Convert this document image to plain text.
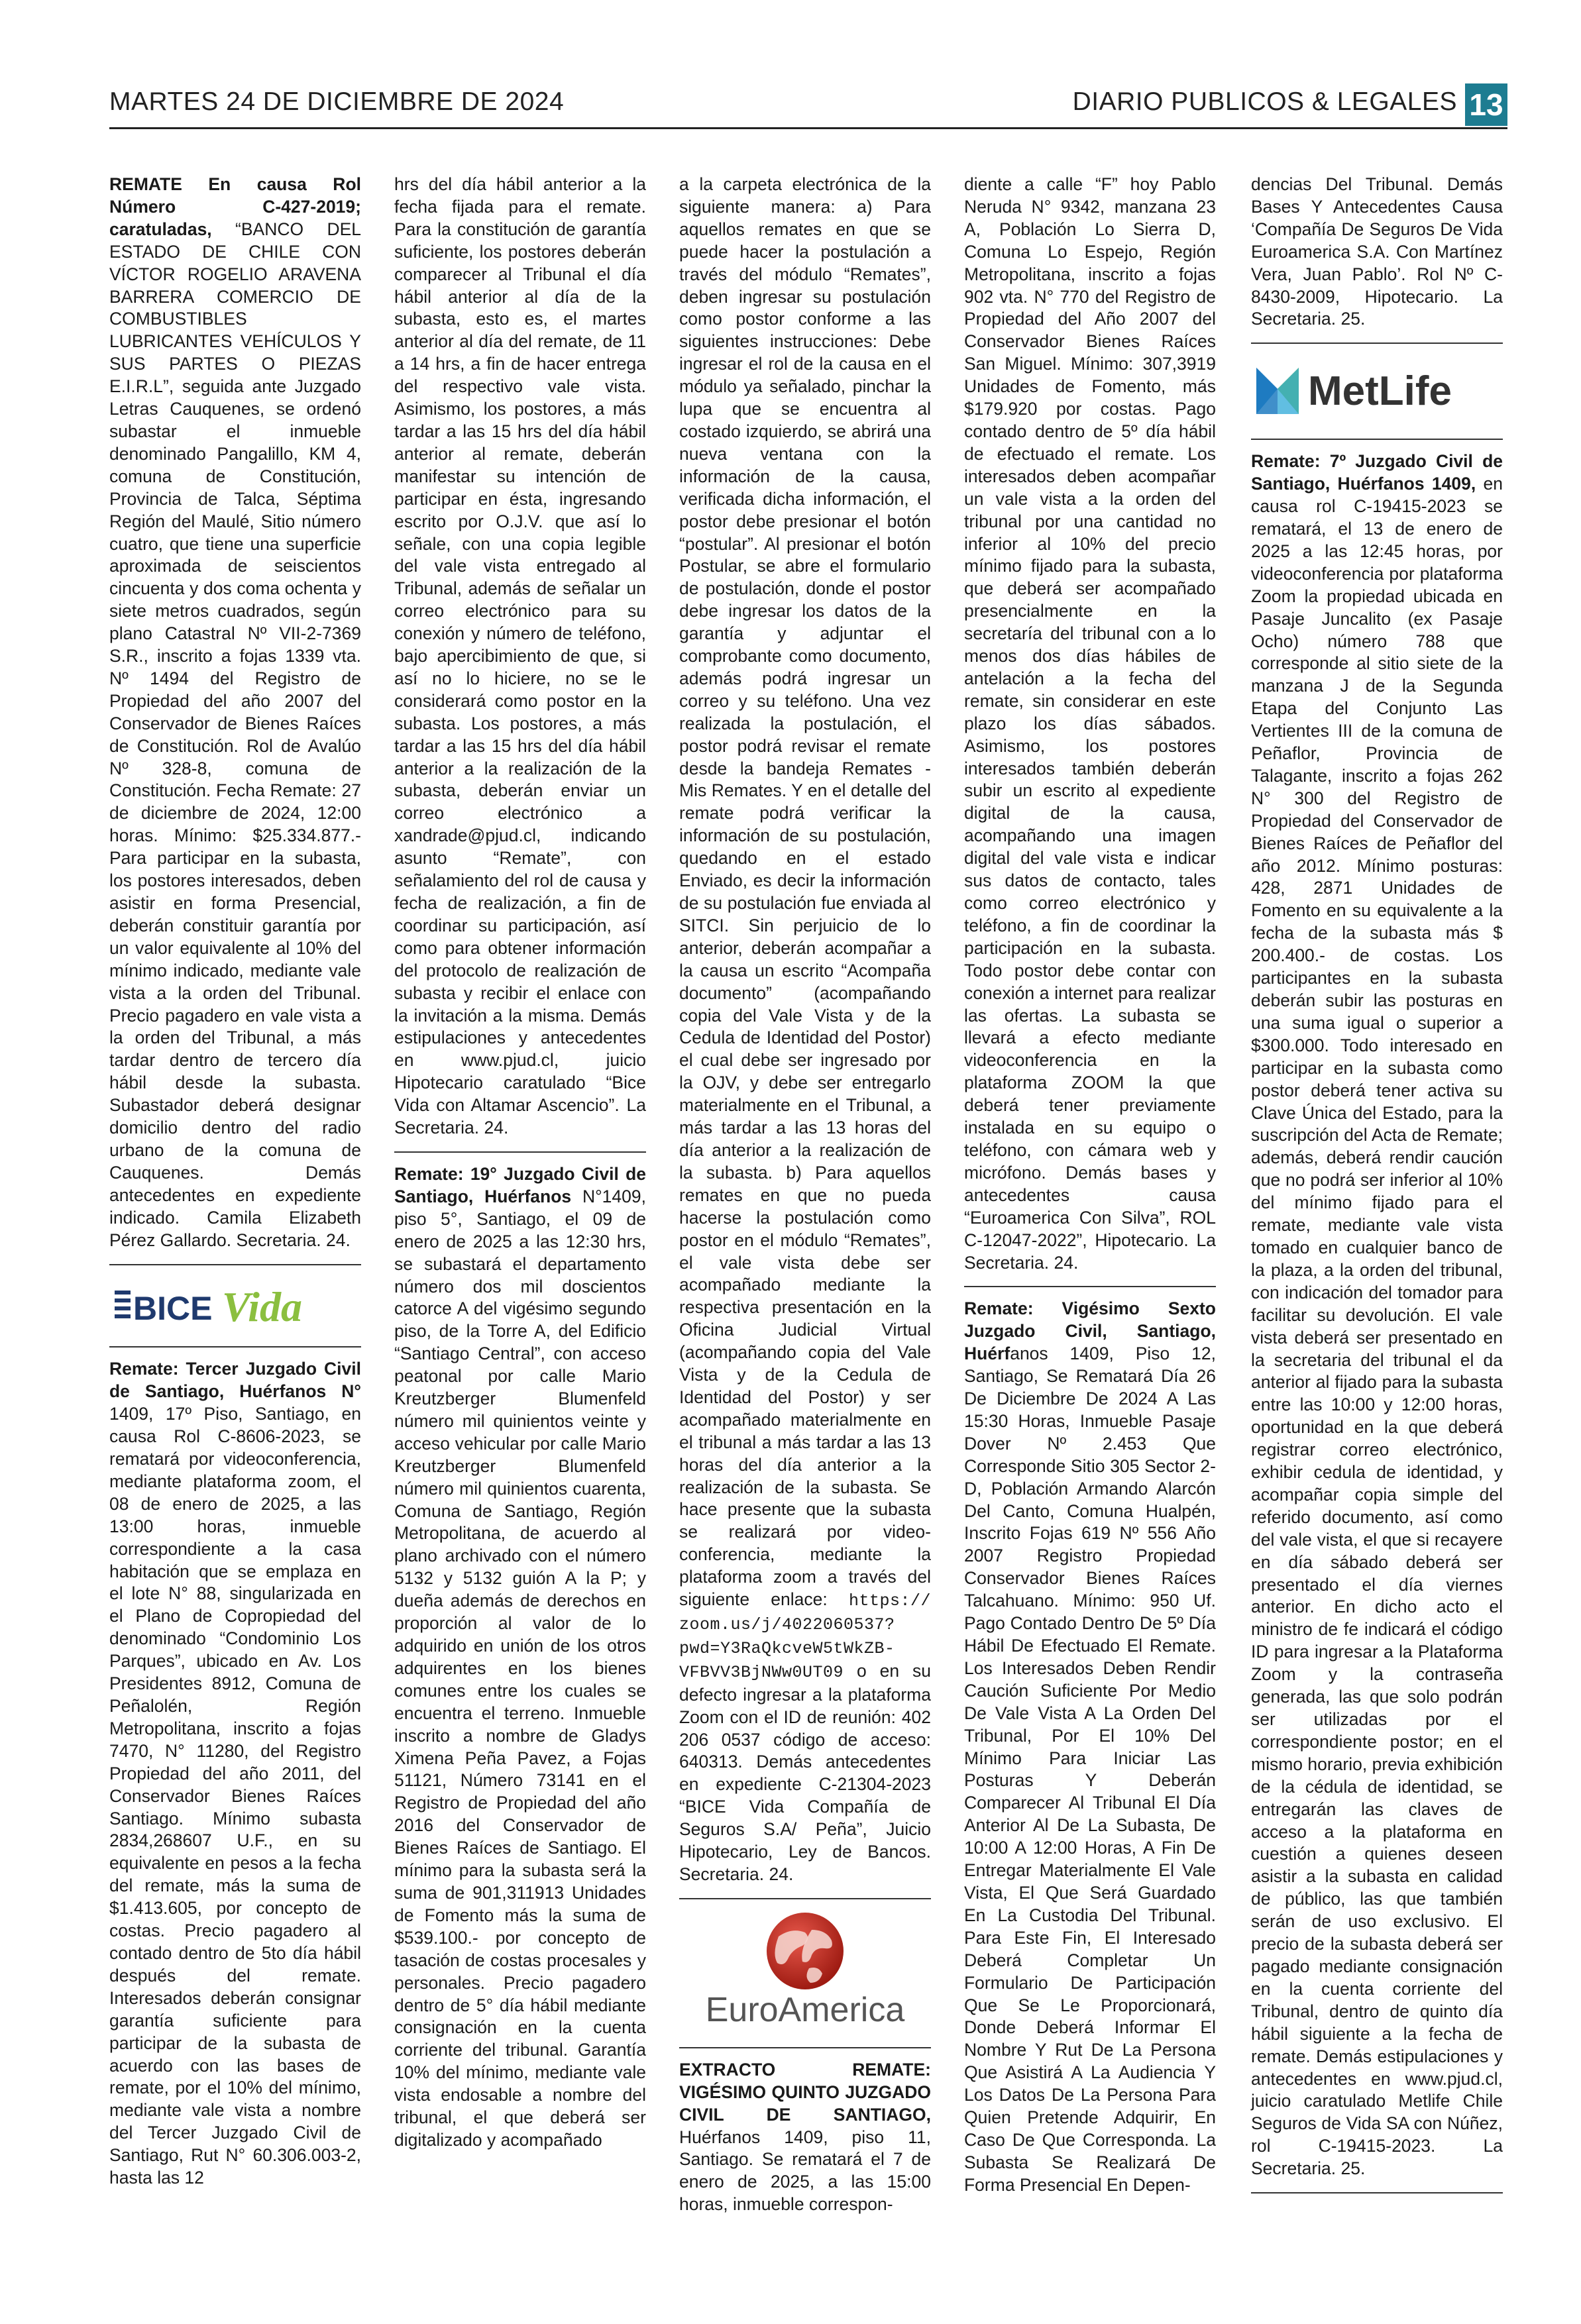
MARTES 24 DE DICIEMBRE DE 2024	DIARIO PUBLICOS & LEGALES 13

REMATE En causa Rol Número C-427-2019; caratuladas, “BANCO DEL ESTADO DE CHILE CON VÍCTOR ROGELIO ARAVENA BARRERA COMERCIO DE COMBUSTIBLES LUBRICANTES VEHÍCULOS Y SUS PARTES O PIEZAS E.I.R.L”, seguida ante Juzgado Letras Cauquenes, se ordenó subastar el inmueble denominado Pangalillo, KM 4, comuna de Constitución, Provincia de Talca, Séptima Región del Maulé, Sitio número cuatro, que tiene una superficie aproximada de seiscientos cincuenta y dos coma ochenta y siete metros cuadrados, según plano Catastral Nº VII-2-7369 S.R., inscrito a fojas 1339 vta. Nº 1494 del Registro de Propiedad del año 2007 del Conservador de Bienes Raíces de Constitución. Rol de Avalúo Nº 328-8, comuna de Constitución. Fecha Remate: 27 de diciembre de 2024, 12:00 horas. Mínimo: $25.334.877.- Para participar en la subasta, los postores interesados, deben asistir en forma Presencial, deberán constituir garantía por un valor equivalente al 10% del mínimo indicado, mediante vale vista a la orden del Tribunal. Precio pagadero en vale vista a la orden del Tribunal, a más tardar dentro de tercero día hábil desde la subasta. Subastador deberá designar domicilio dentro del radio urbano de la comuna de Cauquenes. Demás antecedentes en expediente indicado. Camila Elizabeth Pérez Gallardo. Secretaria. 24.

BICE Vida

Remate: Tercer Juzgado Civil de Santiago, Huérfanos N° 1409, 17º Piso, Santiago, en causa Rol C-8606-2023, se rematará por videoconferencia, mediante plataforma zoom, el 08 de enero de 2025, a las 13:00 horas, inmueble correspondiente a la casa habitación que se emplaza en el lote N° 88, singularizada en el Plano de Copropiedad del denominado “Condominio Los Parques”, ubicado en Av. Los Presidentes 8912, Comuna de Peñalolén, Región Metropolitana, inscrito a fojas 7470, N° 11280, del Registro Propiedad del año 2011, del Conservador Bienes Raíces Santiago. Mínimo subasta 2834,268607 U.F., en su equivalente en pesos a la fecha del remate, más la suma de $1.413.605, por concepto de costas. Precio pagadero al contado dentro de 5to día hábil después del remate. Interesados deberán consignar garantía suficiente para participar de la subasta de acuerdo con las bases de remate, por el 10% del mínimo, mediante vale vista a nombre del Tercer Juzgado Civil de Santiago, Rut N° 60.306.003-2, hasta las 12

hrs del día hábil anterior a la fecha fijada para el remate. Para la constitución de garantía suficiente, los postores deberán comparecer al Tribunal el día hábil anterior al día de la subasta, esto es, el martes anterior al día del remate, de 11 a 14 hrs, a fin de hacer entrega del respectivo vale vista. Asimismo, los postores, a más tardar a las 15 hrs del día hábil anterior al remate, deberán manifestar su intención de participar en ésta, ingresando escrito por O.J.V. que así lo señale, con una copia legible del vale vista entregado al Tribunal, además de señalar un correo electrónico para su conexión y número de teléfono, bajo apercibimiento de que, si así no lo hiciere, no se le considerará como postor en la subasta. Los postores, a más tardar a las 15 hrs del día hábil anterior a la realización de la subasta, deberán enviar un correo electrónico a xandrade@pjud.cl, indicando asunto “Remate”, con señalamiento del rol de causa y fecha de realización, a fin de coordinar su participación, así como para obtener información del protocolo de realización de subasta y recibir el enlace con la invitación a la misma. Demás estipulaciones y antecedentes en www.pjud.cl, juicio Hipotecario caratulado “Bice Vida con Altamar Ascencio”. La Secretaria. 24.

Remate: 19° Juzgado Civil de Santiago, Huérfanos N°1409, piso 5°, Santiago, el 09 de enero de 2025 a las 12:30 hrs, se subastará el departamento número dos mil doscientos catorce A del vigésimo segundo piso, de la Torre A, del Edificio “Santiago Central”, con acceso peatonal por calle Mario Kreutzberger Blumenfeld número mil quinientos veinte y acceso vehicular por calle Mario Kreutzberger Blumenfeld número mil quinientos cuarenta, Comuna de Santiago, Región Metropolitana, de acuerdo al plano archivado con el número 5132 y 5132 guión A la P; y dueña además de derechos en proporción al valor de lo adquirido en unión de los otros adquirentes en los bienes comunes entre los cuales se encuentra el terreno. Inmueble inscrito a nombre de Gladys Ximena Peña Pavez, a Fojas 51121, Número 73141 en el Registro de Propiedad del año 2016 del Conservador de Bienes Raíces de Santiago. El mínimo para la subasta será la suma de 901,311913 Unidades de Fomento más la suma de $539.100.- por concepto de tasación de costas procesales y personales. Precio pagadero dentro de 5° día hábil mediante consignación en la cuenta corriente del tribunal. Garantía 10% del mínimo, mediante vale vista endosable a nombre del tribunal, el que deberá ser digitalizado y acompañado

a la carpeta electrónica de la siguiente manera: a) Para aquellos remates en que se puede hacer la postulación a través del módulo “Remates”, deben ingresar su postulación como postor conforme a las siguientes instrucciones: Debe ingresar el rol de la causa en el módulo ya señalado, pinchar la lupa que se encuentra al costado izquierdo, se abrirá una nueva ventana con la información de la causa, verificada dicha información, el postor debe presionar el botón “postular”. Al presionar el botón Postular, se abre el formulario de postulación, donde el postor debe ingresar los datos de la garantía y adjuntar el comprobante como documento, además podrá ingresar un correo y su teléfono. Una vez realizada la postulación, el postor podrá revisar el remate desde la bandeja Remates - Mis Remates. Y en el detalle del remate podrá verificar la información de su postulación, quedando en el estado Enviado, es decir la información de su postulación fue enviada al SITCI. Sin perjuicio de lo anterior, deberán acompañar a la causa un escrito “Acompaña documento” (acompañando copia del Vale Vista y de la Cedula de Identidad del Postor) el cual debe ser ingresado por la OJV, y debe ser entregarlo materialmente en el Tribunal, a más tardar a las 13 horas del día anterior a la realización de la subasta. b) Para aquellos remates en que no pueda hacerse la postulación como postor en el módulo “Remates”, el vale vista debe ser acompañado mediante la respectiva presentación en la Oficina Judicial Virtual (acompañando copia del Vale Vista y de la Cedula de Identidad del Postor) y ser acompañado materialmente en el tribunal a más tardar a las 13 horas del día anterior a la realización de la subasta. Se hace presente que la subasta se realizará por video- conferencia, mediante la plataforma zoom a través del siguiente enlace: https:// zoom.us/j/4022060537? pwd=Y3RaQkcveW5tWkZB-VFBVV3BjNWw0UT09 o en su defecto ingresar a la plataforma Zoom con el ID de reunión: 402 206 0537 código de acceso: 640313. Demás antecedentes en expediente C-21304-2023 “BICE Vida Compañía de Seguros S.A/ Peña”, Juicio Hipotecario, Ley de Bancos. Secretaria. 24.

EuroAmerica

EXTRACTO REMATE: VIGÉSIMO QUINTO JUZGADO CIVIL DE SANTIAGO, Huérfanos 1409, piso 11, Santiago. Se rematará el 7 de enero de 2025, a las 15:00 horas, inmueble correspon-

diente a calle “F” hoy Pablo Neruda N° 9342, manzana 23 A, Población Lo Sierra D, Comuna Lo Espejo, Región Metropolitana, inscrito a fojas 902 vta. N° 770 del Registro de Propiedad del Año 2007 del Conservador Bienes Raíces San Miguel. Mínimo: 307,3919 Unidades de Fomento, más $179.920 por costas. Pago contado dentro de 5º día hábil de efectuado el remate. Los interesados deben acompañar un vale vista a la orden del tribunal por una cantidad no inferior al 10% del precio mínimo fijado para la subasta, que deberá ser acompañado presencialmente en la secretaría del tribunal con a lo menos dos días hábiles de antelación a la fecha del remate, sin considerar en este plazo los días sábados. Asimismo, los postores interesados también deberán subir un escrito al expediente digital de la causa, acompañando una imagen digital del vale vista e indicar sus datos de contacto, tales como correo electrónico y teléfono, a fin de coordinar la participación en la subasta. Todo postor debe contar con conexión a internet para realizar las ofertas. La subasta se llevará a efecto mediante videoconferencia en la plataforma ZOOM la que deberá tener previamente instalada en su equipo o teléfono, con cámara web y micrófono. Demás bases y antecedentes causa “Euroamerica Con Silva”, ROL C-12047-2022”, Hipotecario. La Secretaria. 24.

Remate: Vigésimo Sexto Juzgado Civil, Santiago, Huérfanos 1409, Piso 12, Santiago, Se Rematará Día 26 De Diciembre De 2024 A Las 15:30 Horas, Inmueble Pasaje Dover Nº 2.453 Que Corresponde Sitio 305 Sector 2-D, Población Armando Alarcón Del Canto, Comuna Hualpén, Inscrito Fojas 619 Nº 556 Año 2007 Registro Propiedad Conservador Bienes Raíces Talcahuano. Mínimo: 950 Uf. Pago Contado Dentro De 5º Día Hábil De Efectuado El Remate. Los Interesados Deben Rendir Caución Suficiente Por Medio De Vale Vista A La Orden Del Tribunal, Por El 10% Del Mínimo Para Iniciar Las Posturas Y Deberán Comparecer Al Tribunal El Día Anterior Al De La Subasta, De 10:00 A 12:00 Horas, A Fin De Entregar Materialmente El Vale Vista, El Que Será Guardado En La Custodia Del Tribunal. Para Este Fin, El Interesado Deberá Completar Un Formulario De Participación Que Se Le Proporcionará, Donde Deberá Informar El Nombre Y Rut De La Persona Que Asistirá A La Audiencia Y Los Datos De La Persona Para Quien Pretende Adquirir, En Caso De Que Corresponda. La Subasta Se Realizará De Forma Presencial En Depen-

dencias Del Tribunal. Demás Bases Y Antecedentes Causa ‘Compañía De Seguros De Vida Euroamerica S.A. Con Martínez Vera, Juan Pablo’. Rol Nº C-8430-2009, Hipotecario. La Secretaria. 25.

MetLife

Remate: 7º Juzgado Civil de Santiago, Huérfanos 1409, en causa rol C-19415-2023 se rematará, el 13 de enero de 2025 a las 12:45 horas, por videoconferencia por plataforma Zoom la propiedad ubicada en Pasaje Juncalito (ex Pasaje Ocho) número 788 que corresponde al sitio siete de la manzana J de la Segunda Etapa del Conjunto Las Vertientes III de la comuna de Peñaflor, Provincia de Talagante, inscrito a fojas 262 N° 300 del Registro de Propiedad del Conservador de Bienes Raíces de Peñaflor del año 2012. Mínimo posturas: 428, 2871 Unidades de Fomento en su equivalente a la fecha de la subasta más $ 200.400.- de costas. Los participantes en la subasta deberán subir las posturas en una suma igual o superior a $300.000. Todo interesado en participar en la subasta como postor deberá tener activa su Clave Única del Estado, para la suscripción del Acta de Remate; además, deberá rendir caución que no podrá ser inferior al 10% del mínimo fijado para el remate, mediante vale vista tomado en cualquier banco de la plaza, a la orden del tribunal, con indicación del tomador para facilitar su devolución. El vale vista deberá ser presentado en la secretaria del tribunal el da anterior al fijado para la subasta entre las 10:00 y 12:00 horas, oportunidad en la que deberá registrar correo electrónico, exhibir cedula de identidad, y acompañar copia simple del referido documento, así como del vale vista, el que si recayere en día sábado deberá ser presentado el día viernes anterior. En dicho acto el ministro de fe indicará el código ID para ingresar a la Plataforma Zoom y la contraseña generada, las que solo podrán ser utilizadas por el correspondiente postor; en el mismo horario, previa exhibición de la cédula de identidad, se entregarán las claves de acceso a la plataforma en cuestión a quienes deseen asistir a la subasta en calidad de público, las que también serán de uso exclusivo. El precio de la subasta deberá ser pagado mediante consignación en la cuenta corriente del Tribunal, dentro de quinto día hábil siguiente a la fecha de remate. Demás estipulaciones y antecedentes en www.pjud.cl, juicio caratulado Metlife Chile Seguros de Vida SA con Núñez, rol C-19415-2023. La Secretaria. 25.
